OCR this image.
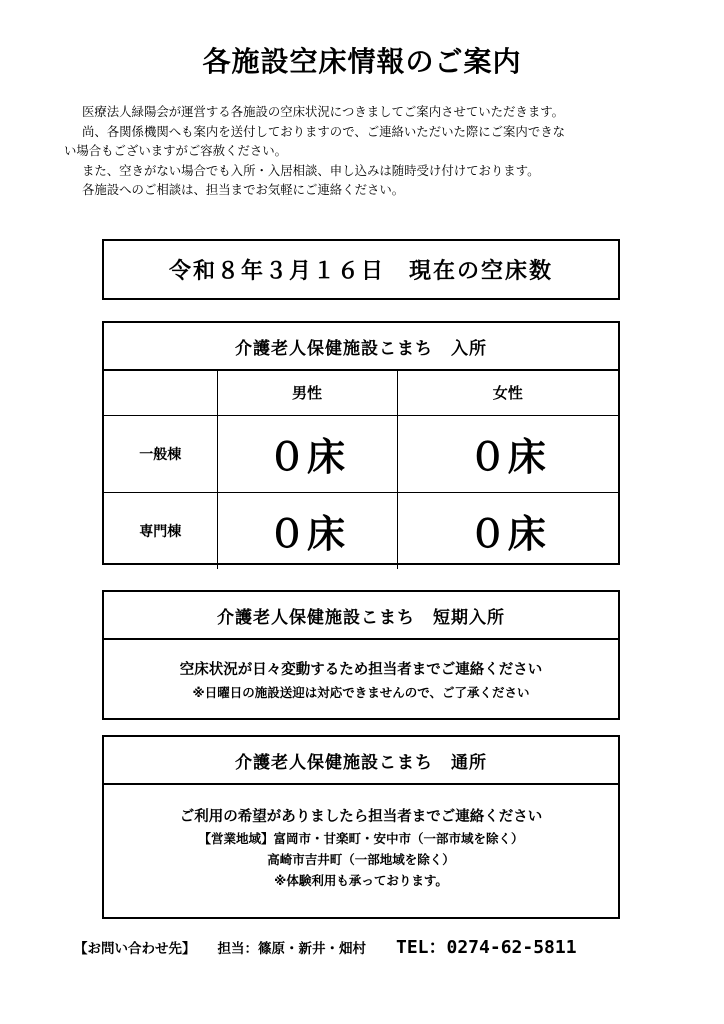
各施設空床情報のご案内

医療法人緑陽会が運営する各施設の空床状況につきましてご案内させていただきます。

尚、各関係機関へも案内を送付しておりますので、ご連絡いただいた際にご案内できな

い場合もございますがご容赦ください。

また、空きがない場合でも入所・入居相談、申し込みは随時受け付けております。

各施設へのご相談は、担当までお気軽にご連絡ください。

令和８年３月１６日　現在の空床数
介護老人保健施設こまち　入所
	男性	女性
一般棟	０床	０床
専門棟	０床	０床
介護老人保健施設こまち　短期入所
空床状況が日々変動するため担当者までご連絡ください
※日曜日の施設送迎は対応できませんので、ご了承ください
介護老人保健施設こまち　通所
ご利用の希望がありましたら担当者までご連絡ください
【営業地域】富岡市・甘楽町・安中市（一部市域を除く）
高崎市吉井町（一部地域を除く）
※体験利用も承っております。
【お問い合わせ先】 担当：篠原・新井・畑村 TEL：0274-62-5811
